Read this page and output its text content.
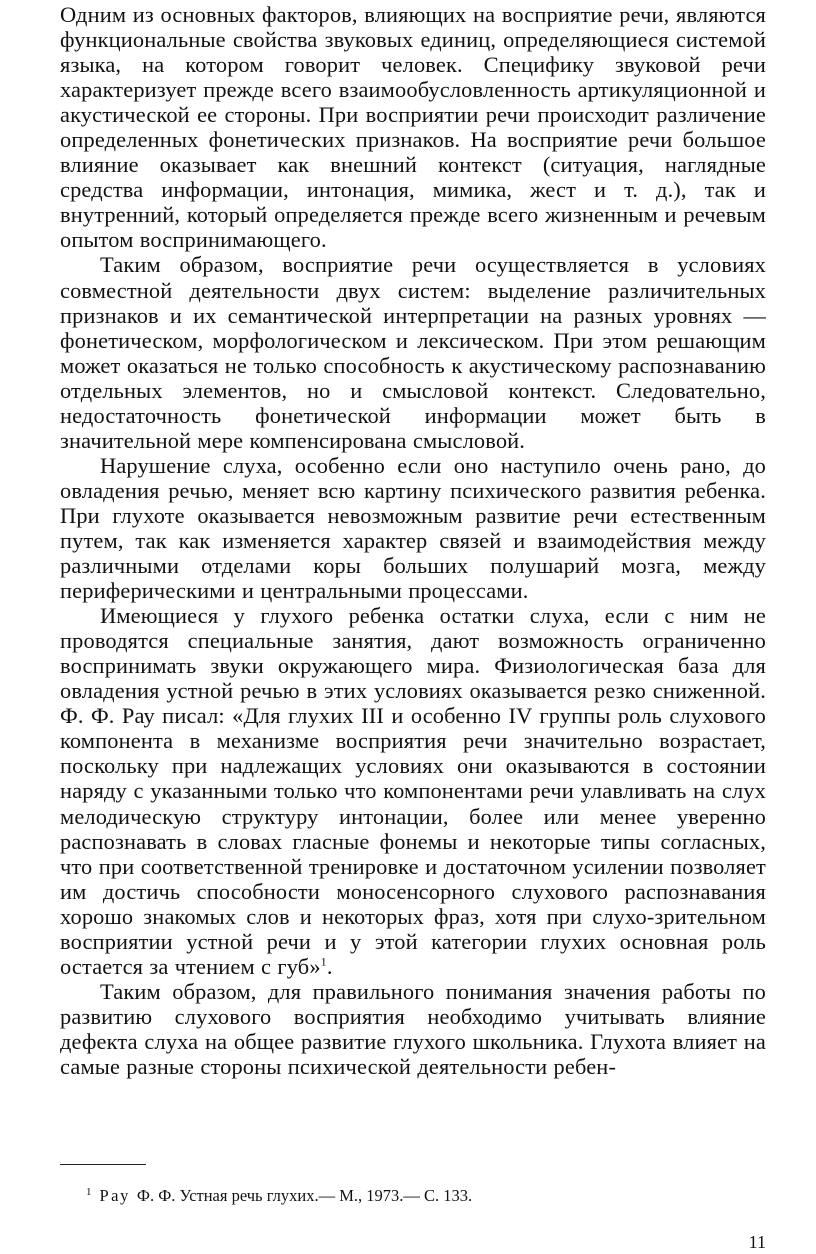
Одним из основных факторов, влияющих на восприятие речи, являются функциональные свойства звуковых единиц, определяющиеся системой языка, на котором говорит человек. Специфику звуковой речи характеризует прежде всего взаимообусловленность артикуляционной и акустической ее стороны. При восприятии речи происходит различение определенных фонетических признаков. На восприятие речи большое влияние оказывает как внешний контекст (ситуация, наглядные средства информации, интонация, мимика, жест и т. д.), так и внутренний, который определяется прежде всего жизненным и речевым опытом воспринимающего.

Таким образом, восприятие речи осуществляется в условиях совместной деятельности двух систем: выделение различительных признаков и их семантической интерпретации на разных уровнях — фонетическом, морфологическом и лексическом. При этом решающим может оказаться не только способность к акустическому распознаванию отдельных элементов, но и смысловой контекст. Следовательно, недостаточность фонетической информации может быть в значительной мере компенсирована смысловой.

Нарушение слуха, особенно если оно наступило очень рано, до овладения речью, меняет всю картину психического развития ребенка. При глухоте оказывается невозможным развитие речи естественным путем, так как изменяется характер связей и взаимодействия между различными отделами коры больших полушарий мозга, между периферическими и центральными процессами.

Имеющиеся у глухого ребенка остатки слуха, если с ним не проводятся специальные занятия, дают возможность ограниченно воспринимать звуки окружающего мира. Физиологическая база для овладения устной речью в этих условиях оказывается резко сниженной. Ф. Ф. Рау писал: «Для глухих III и особенно IV группы роль слухового компонента в механизме восприятия речи значительно возрастает, поскольку при надлежащих условиях они оказываются в состоянии наряду с указанными только что компонентами речи улавливать на слух мелодическую структуру интонации, более или менее уверенно распознавать в словах гласные фонемы и некоторые типы согласных, что при соответственной тренировке и достаточном усилении позволяет им достичь способности моносенсорного слухового распознавания хорошо знакомых слов и некоторых фраз, хотя при слухо-зрительном восприятии устной речи и у этой категории глухих основная роль остается за чтением с губ»$^1$.

Таким образом, для правильного понимания значения работы по развитию слухового восприятия необходимо учитывать влияние дефекта слуха на общее развитие глухого школьника. Глухота влияет на самые разные стороны психической деятельности ребен-

$^1$ Рау Ф. Ф. Устная речь глухих.— М., 1973.— С. 133.
11
